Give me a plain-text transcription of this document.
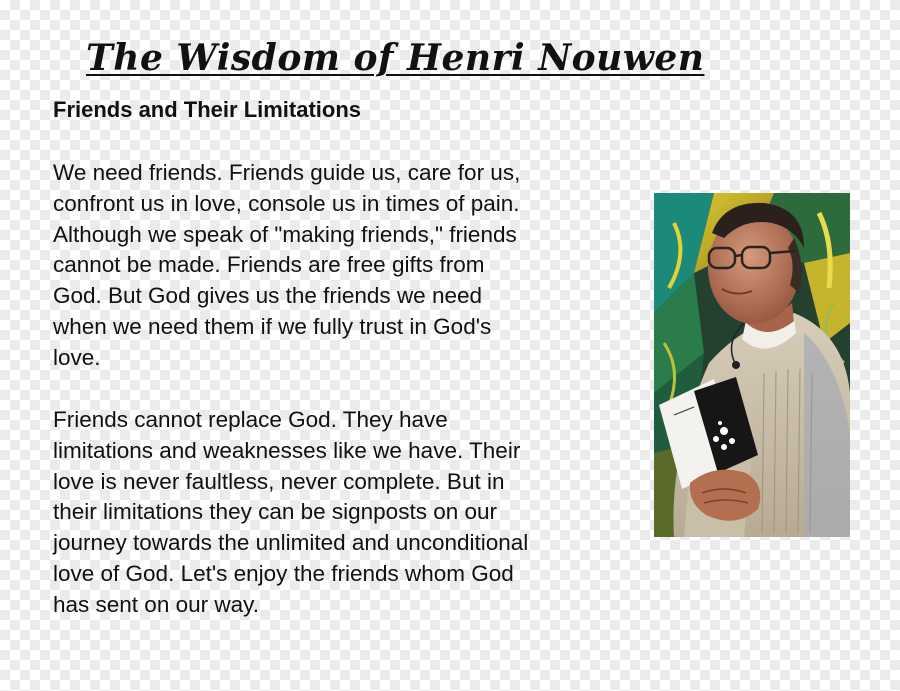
The Wisdom of Henri Nouwen
Friends and Their Limitations
We need friends. Friends guide us, care for us,
confront us in love, console us in times of pain.
Although we speak of "making friends," friends
cannot be made. Friends are free gifts from
God. But God gives us the friends we need
when we need them if we fully trust in God's
love.
Friends cannot replace God. They have
limitations and weaknesses like we have. Their
love is never faultless, never complete. But in
their limitations they can be signposts on our
journey towards the unlimited and unconditional
love of God. Let's enjoy the friends whom God
has sent on our way.
